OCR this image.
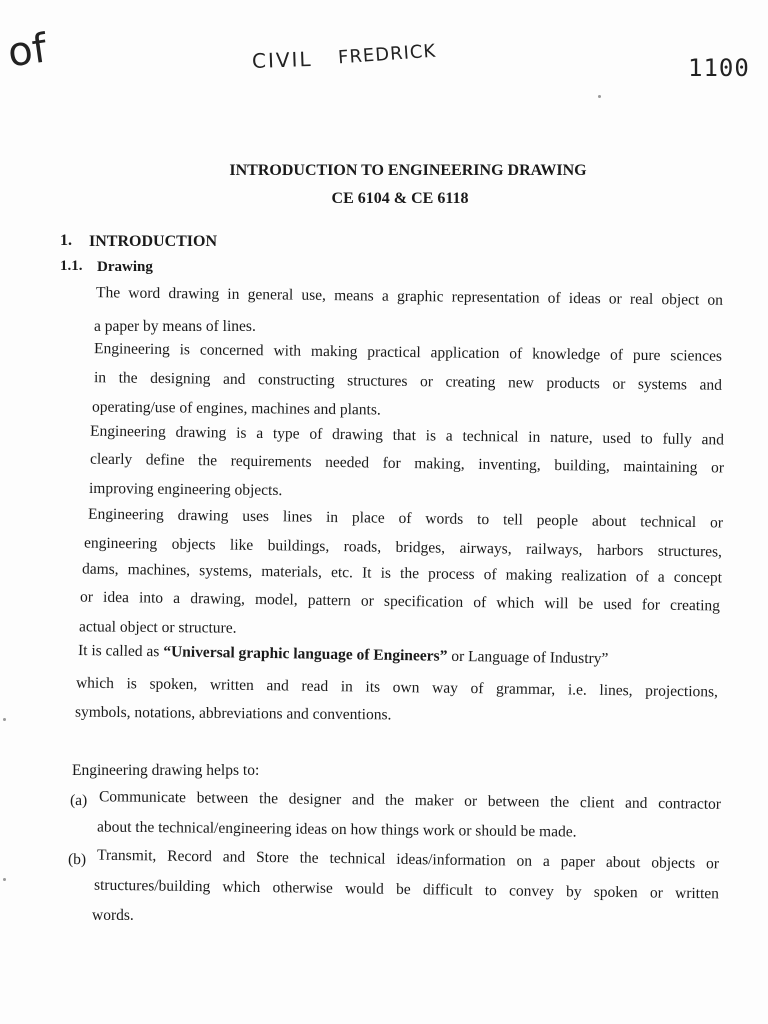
of	CIVIL FREDRICK	1100
INTRODUCTION TO ENGINEERING DRAWING
CE 6104 & CE 6118
1. INTRODUCTION
1.1. Drawing
The word drawing in general use, means a graphic representation of ideas or real object on
a paper by means of lines.
Engineering is concerned with making practical application of knowledge of pure sciences
in the designing and constructing structures or creating new products or systems and
operating/use of engines, machines and plants.
Engineering drawing is a type of drawing that is a technical in nature, used to fully and
clearly define the requirements needed for making, inventing, building, maintaining or
improving engineering objects.
Engineering drawing uses lines in place of words to tell people about technical or
engineering objects like buildings, roads, bridges, airways, railways, harbors structures,
dams, machines, systems, materials, etc. It is the process of making realization of a concept
or idea into a drawing, model, pattern or specification of which will be used for creating
actual object or structure.
It is called as “Universal graphic language of Engineers” or Language of Industry”
which is spoken, written and read in its own way of grammar, i.e. lines, projections,
symbols, notations, abbreviations and conventions.
Engineering drawing helps to:
(a) Communicate between the designer and the maker or between the client and contractor
about the technical/engineering ideas on how things work or should be made.
(b) Transmit, Record and Store the technical ideas/information on a paper about objects or
structures/building which otherwise would be difficult to convey by spoken or written
words.
